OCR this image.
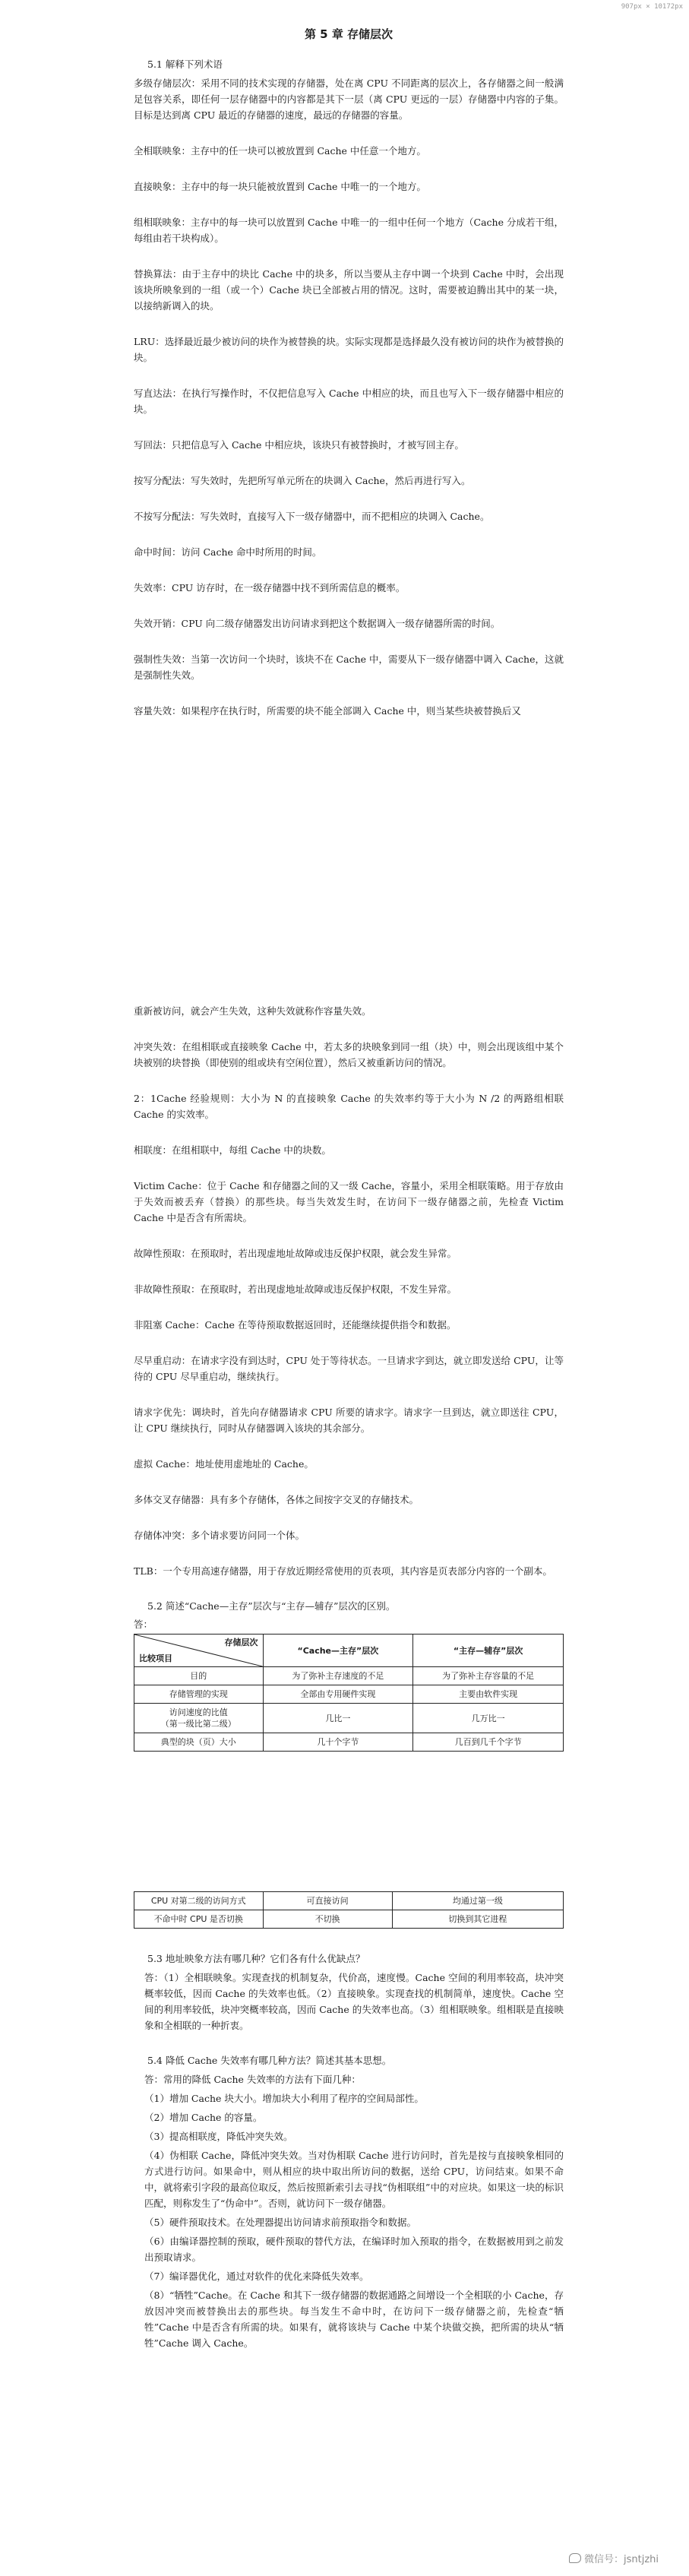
907px × 10172px
第 5 章 存储层次
5.1 解释下列术语
多级存储层次：采用不同的技术实现的存储器，处在离 CPU 不同距离的层次上，各存储器之间一般满足包容关系，即任何一层存储器中的内容都是其下一层（离 CPU 更远的一层）存储器中内容的子集。目标是达到离 CPU 最近的存储器的速度，最远的存储器的容量。
全相联映象：主存中的任一块可以被放置到 Cache 中任意一个地方。
直接映象：主存中的每一块只能被放置到 Cache 中唯一的一个地方。
组相联映象：主存中的每一块可以放置到 Cache 中唯一的一组中任何一个地方（Cache 分成若干组，每组由若干块构成）。
替换算法：由于主存中的块比 Cache 中的块多，所以当要从主存中调一个块到 Cache 中时，会出现该块所映象到的一组（或一个）Cache 块已全部被占用的情况。这时，需要被迫腾出其中的某一块，以接纳新调入的块。
LRU：选择最近最少被访问的块作为被替换的块。实际实现都是选择最久没有被访问的块作为被替换的块。
写直达法：在执行写操作时，不仅把信息写入 Cache 中相应的块，而且也写入下一级存储器中相应的块。
写回法：只把信息写入 Cache 中相应块，该块只有被替换时，才被写回主存。
按写分配法：写失效时，先把所写单元所在的块调入 Cache，然后再进行写入。
不按写分配法：写失效时，直接写入下一级存储器中，而不把相应的块调入 Cache。
命中时间：访问 Cache 命中时所用的时间。
失效率：CPU 访存时，在一级存储器中找不到所需信息的概率。
失效开销：CPU 向二级存储器发出访问请求到把这个数据调入一级存储器所需的时间。
强制性失效：当第一次访问一个块时，该块不在 Cache 中，需要从下一级存储器中调入 Cache，这就是强制性失效。
容量失效：如果程序在执行时，所需要的块不能全部调入 Cache 中，则当某些块被替换后又
重新被访问，就会产生失效，这种失效就称作容量失效。
冲突失效：在组相联或直接映象 Cache 中，若太多的块映象到同一组（块）中，则会出现该组中某个块被别的块替换（即使别的组或块有空闲位置），然后又被重新访问的情况。
2：1Cache 经验规则：大小为 N 的直接映象 Cache 的失效率约等于大小为 N /2 的两路组相联 Cache 的实效率。
相联度：在组相联中，每组 Cache 中的块数。
Victim Cache：位于 Cache 和存储器之间的又一级 Cache，容量小，采用全相联策略。用于存放由于失效而被丢弃（替换）的那些块。每当失效发生时，在访问下一级存储器之前，先检查 Victim Cache 中是否含有所需块。
故障性预取：在预取时，若出现虚地址故障或违反保护权限，就会发生异常。
非故障性预取：在预取时，若出现虚地址故障或违反保护权限，不发生异常。
非阻塞 Cache：Cache 在等待预取数据返回时，还能继续提供指令和数据。
尽早重启动：在请求字没有到达时，CPU 处于等待状态。一旦请求字到达，就立即发送给 CPU，让等待的 CPU 尽早重启动，继续执行。
请求字优先：调块时，首先向存储器请求 CPU 所要的请求字。请求字一旦到达，就立即送往 CPU，让 CPU 继续执行，同时从存储器调入该块的其余部分。
虚拟 Cache：地址使用虚地址的 Cache。
多体交叉存储器：具有多个存储体，各体之间按字交叉的存储技术。
存储体冲突：多个请求要访问同一个体。
TLB：一个专用高速存储器，用于存放近期经常使用的页表项，其内容是页表部分内容的一个副本。
5.2 简述“Cache—主存”层次与“主存—辅存”层次的区别。
答：
存储层次
比较项目	“Cache—主存”层次	“主存—辅存”层次
目的	为了弥补主存速度的不足	为了弥补主存容量的不足
存储管理的实现	全部由专用硬件实现	主要由软件实现
访问速度的比值
（第一级比第二级）	几比一	几万比一
典型的块（页）大小	几十个字节	几百到几千个字节
CPU 对第二级的访问方式	可直接访问	均通过第一级
不命中时 CPU 是否切换	不切换	切换到其它进程
5.3 地址映象方法有哪几种？它们各有什么优缺点？
答：（1）全相联映象。实现查找的机制复杂，代价高，速度慢。Cache 空间的利用率较高，块冲突概率较低，因而 Cache 的失效率也低。（2）直接映象。实现查找的机制简单，速度快。Cache 空间的利用率较低，块冲突概率较高，因而 Cache 的失效率也高。（3）组相联映象。组相联是直接映象和全相联的一种折衷。
5.4 降低 Cache 失效率有哪几种方法？简述其基本思想。
答：常用的降低 Cache 失效率的方法有下面几种：
（1）增加 Cache 块大小。增加块大小利用了程序的空间局部性。
（2）增加 Cache 的容量。
（3）提高相联度，降低冲突失效。
（4）伪相联 Cache，降低冲突失效。当对伪相联 Cache 进行访问时，首先是按与直接映象相同的方式进行访问。如果命中，则从相应的块中取出所访问的数据，送给 CPU，访问结束。如果不命中，就将索引字段的最高位取反，然后按照新索引去寻找“伪相联组”中的对应块。如果这一块的标识匹配，则称发生了“伪命中”。否则，就访问下一级存储器。
（5）硬件预取技术。在处理器提出访问请求前预取指令和数据。
（6）由编译器控制的预取，硬件预取的替代方法，在编译时加入预取的指令，在数据被用到之前发出预取请求。
（7）编译器优化，通过对软件的优化来降低失效率。
（8）“牺牲”Cache。在 Cache 和其下一级存储器的数据通路之间增设一个全相联的小 Cache，存放因冲突而被替换出去的那些块。每当发生不命中时，在访问下一级存储器之前，先检查“牺牲”Cache 中是否含有所需的块。如果有，就将该块与 Cache 中某个块做交换，把所需的块从“牺牲”Cache 调入 Cache。
微信号：jsntjzhi
